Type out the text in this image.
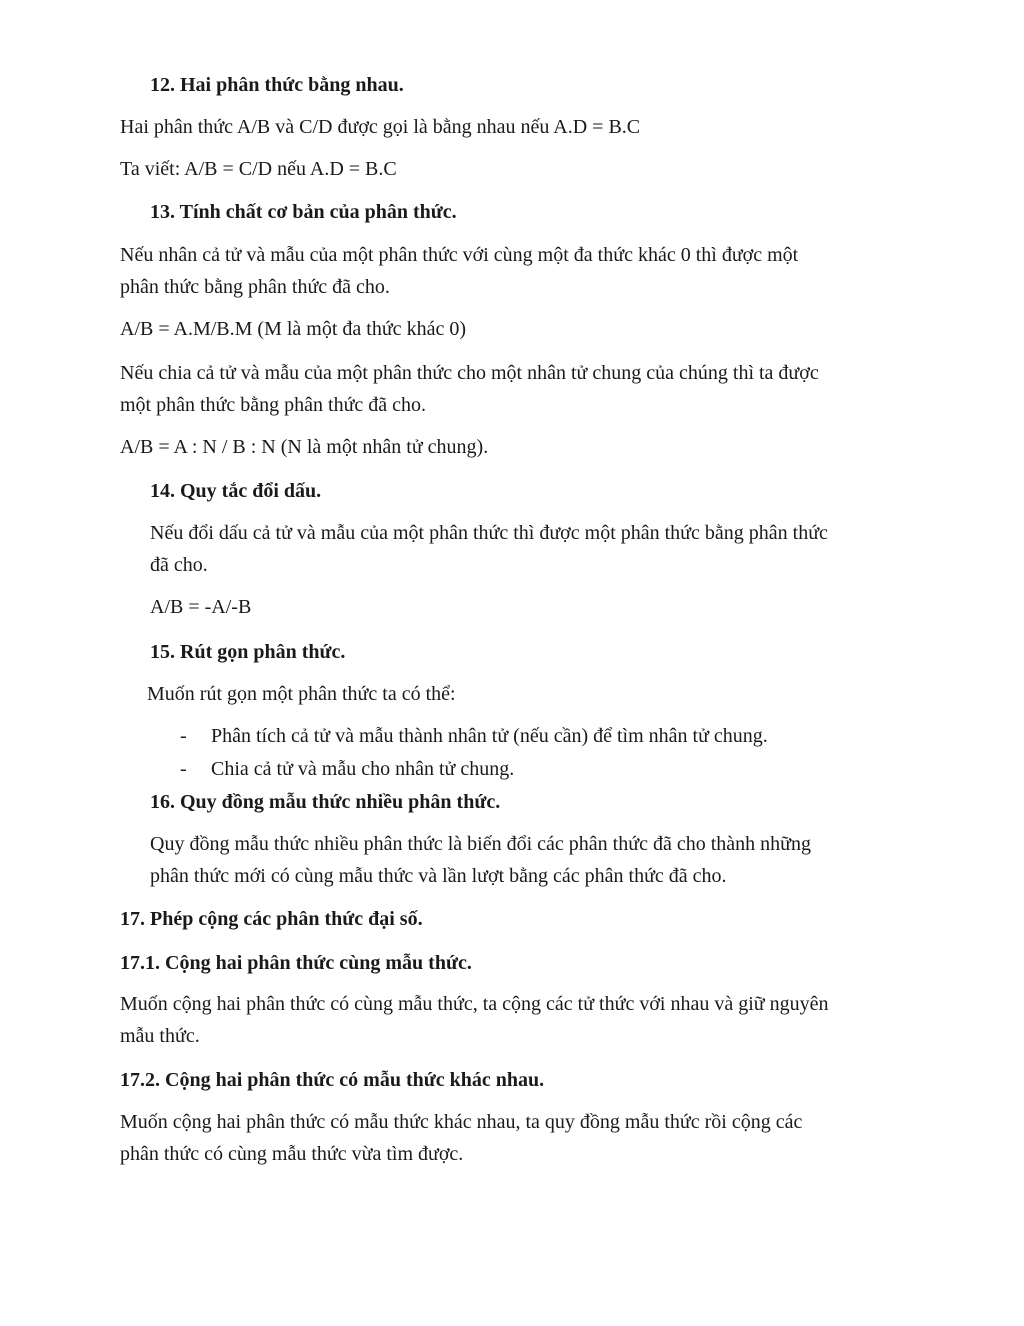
12. Hai phân thức bằng nhau.
Hai phân thức A/B và C/D được gọi là bằng nhau nếu A.D = B.C
Ta viết: A/B = C/D nếu A.D = B.C
13. Tính chất cơ bản của phân thức.
Nếu nhân cả tử và mẫu của một phân thức với cùng một đa thức khác 0 thì được một
phân thức bằng phân thức đã cho.
A/B = A.M/B.M (M là một đa thức khác 0)
Nếu chia cả tử và mẫu của một phân thức cho một nhân tử chung của chúng thì ta được
một phân thức bằng phân thức đã cho.
A/B = A : N / B : N (N là một nhân tử chung).
14. Quy tắc đổi dấu.
Nếu đổi dấu cả tử và mẫu của một phân thức thì được một phân thức bằng phân thức
đã cho.
A/B = -A/-B
15. Rút gọn phân thức.
Muốn rút gọn một phân thức ta có thể:
- Phân tích cả tử và mẫu thành nhân tử (nếu cần) để tìm nhân tử chung.
- Chia cả tử và mẫu cho nhân tử chung.
16. Quy đồng mẫu thức nhiều phân thức.
Quy đồng mẫu thức nhiều phân thức là biến đổi các phân thức đã cho thành những
phân thức mới có cùng mẫu thức và lần lượt bằng các phân thức đã cho.
17. Phép cộng các phân thức đại số.
17.1. Cộng hai phân thức cùng mẫu thức.
Muốn cộng hai phân thức có cùng mẫu thức, ta cộng các tử thức với nhau và giữ nguyên
mẫu thức.
17.2. Cộng hai phân thức có mẫu thức khác nhau.
Muốn cộng hai phân thức có mẫu thức khác nhau, ta quy đồng mẫu thức rồi cộng các
phân thức có cùng mẫu thức vừa tìm được.
